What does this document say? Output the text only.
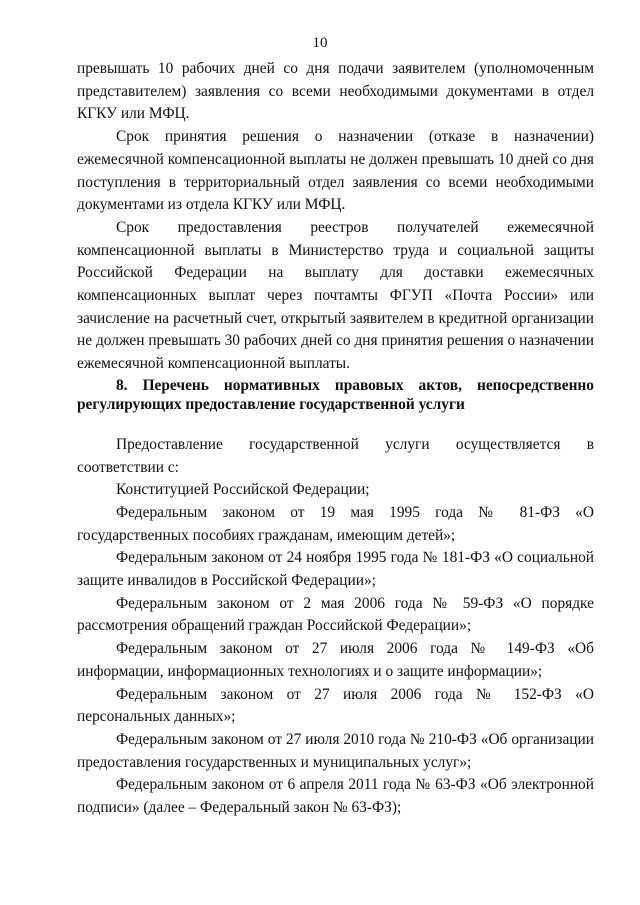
10

превышать 10 рабочих дней со дня подачи заявителем (уполномоченным представителем) заявления со всеми необходимыми документами в отдел КГКУ или МФЦ.

Срок принятия решения о назначении (отказе в назначении) ежемесячной компенсационной выплаты не должен превышать 10 дней со дня поступления в территориальный отдел заявления со всеми необходимыми документами из отдела КГКУ или МФЦ.

Срок предоставления реестров получателей ежемесячной компенсационной выплаты в Министерство труда и социальной защиты Российской Федерации на выплату для доставки ежемесячных компенсационных выплат через почтамты ФГУП «Почта России» или зачисление на расчетный счет, открытый заявителем в кредитной организации не должен превышать 30 рабочих дней со дня принятия решения о назначении ежемесячной компенсационной выплаты.

8. Перечень нормативных правовых актов, непосредственно регулирующих предоставление государственной услуги

Предоставление государственной услуги осуществляется в соответствии с:

Конституцией Российской Федерации;

Федеральным законом от 19 мая 1995 года № 81-ФЗ «О государственных пособиях гражданам, имеющим детей»;

Федеральным законом от 24 ноября 1995 года № 181-ФЗ «О социальной защите инвалидов в Российской Федерации»;

Федеральным законом от 2 мая 2006 года № 59-ФЗ «О порядке рассмотрения обращений граждан Российской Федерации»;

Федеральным законом от 27 июля 2006 года № 149-ФЗ «Об информации, информационных технологиях и о защите информации»;

Федеральным законом от 27 июля 2006 года № 152-ФЗ «О персональных данных»;

Федеральным законом от 27 июля 2010 года № 210-ФЗ «Об организации предоставления государственных и муниципальных услуг»;

Федеральным законом от 6 апреля 2011 года № 63-ФЗ «Об электронной подписи» (далее – Федеральный закон № 63-ФЗ);
